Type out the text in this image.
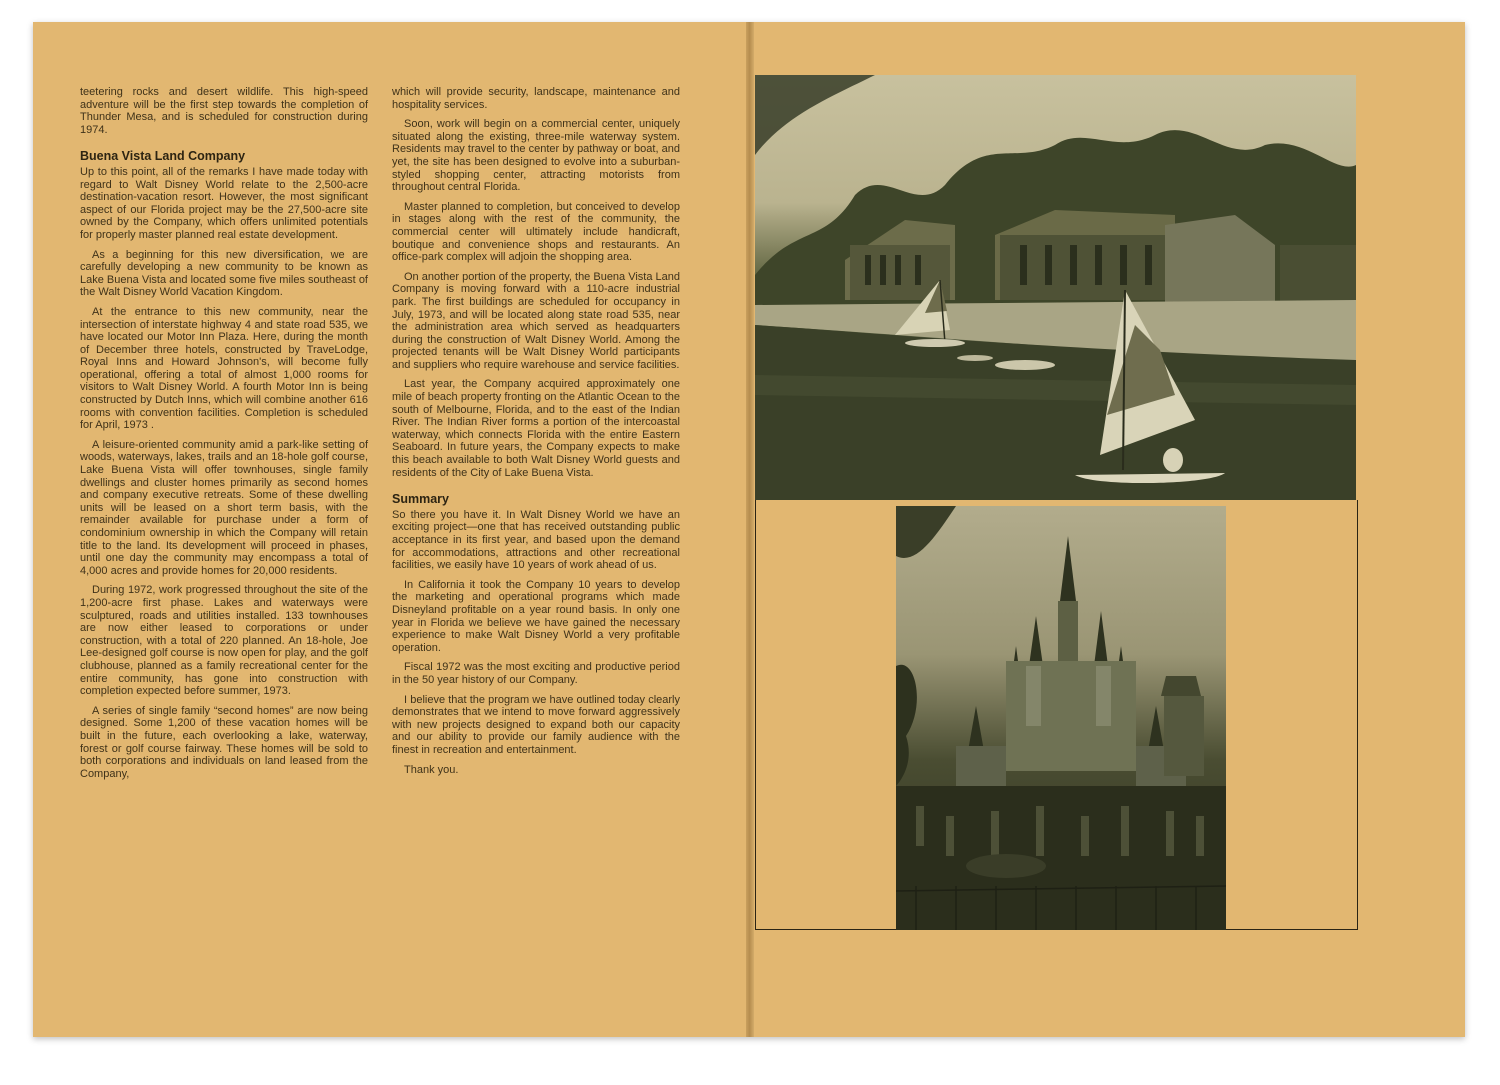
teetering rocks and desert wildlife. This high-speed adventure will be the first step towards the completion of Thunder Mesa, and is scheduled for construction during 1974.

Buena Vista Land Company

Up to this point, all of the remarks I have made today with regard to Walt Disney World relate to the 2,500-acre destination-vacation resort. However, the most significant aspect of our Florida project may be the 27,500-acre site owned by the Company, which offers unlimited potentials for properly master planned real estate development.

As a beginning for this new diversification, we are carefully developing a new community to be known as Lake Buena Vista and located some five miles southeast of the Walt Disney World Vacation Kingdom.

At the entrance to this new community, near the intersection of interstate highway 4 and state road 535, we have located our Motor Inn Plaza. Here, during the month of December three hotels, constructed by TraveLodge, Royal Inns and Howard Johnson's, will become fully operational, offering a total of almost 1,000 rooms for visitors to Walt Disney World. A fourth Motor Inn is being constructed by Dutch Inns, which will combine another 616 rooms with convention facilities. Completion is scheduled for April, 1973 .

A leisure-oriented community amid a park-like setting of woods, waterways, lakes, trails and an 18-hole golf course, Lake Buena Vista will offer townhouses, single family dwellings and cluster homes primarily as second homes and company executive retreats. Some of these dwelling units will be leased on a short term basis, with the remainder available for purchase under a form of condominium ownership in which the Company will retain title to the land. Its development will proceed in phases, until one day the community may encompass a total of 4,000 acres and provide homes for 20,000 residents.

During 1972, work progressed throughout the site of the 1,200-acre first phase. Lakes and waterways were sculptured, roads and utilities installed. 133 townhouses are now either leased to corporations or under construction, with a total of 220 planned. An 18-hole, Joe Lee-designed golf course is now open for play, and the golf clubhouse, planned as a family recreational center for the entire community, has gone into construction with completion expected before summer, 1973.

A series of single family “second homes” are now being designed. Some 1,200 of these vacation homes will be built in the future, each overlooking a lake, waterway, forest or golf course fairway. These homes will be sold to both corporations and individuals on land leased from the Company,

which will provide security, landscape, maintenance and hospitality services.

Soon, work will begin on a commercial center, uniquely situated along the existing, three-mile waterway system. Residents may travel to the center by pathway or boat, and yet, the site has been designed to evolve into a suburban-styled shopping center, attracting motorists from throughout central Florida.

Master planned to completion, but conceived to develop in stages along with the rest of the community, the commercial center will ultimately include handicraft, boutique and convenience shops and restaurants. An office-park complex will adjoin the shopping area.

On another portion of the property, the Buena Vista Land Company is moving forward with a 110-acre industrial park. The first buildings are scheduled for occupancy in July, 1973, and will be located along state road 535, near the administration area which served as headquarters during the construction of Walt Disney World. Among the projected tenants will be Walt Disney World participants and suppliers who require warehouse and service facilities.

Last year, the Company acquired approximately one mile of beach property fronting on the Atlantic Ocean to the south of Melbourne, Florida, and to the east of the Indian River. The Indian River forms a portion of the intercoastal waterway, which connects Florida with the entire Eastern Seaboard. In future years, the Company expects to make this beach available to both Walt Disney World guests and residents of the City of Lake Buena Vista.

Summary

So there you have it. In Walt Disney World we have an exciting project—one that has received outstanding public acceptance in its first year, and based upon the demand for accommodations, attractions and other recreational facilities, we easily have 10 years of work ahead of us.

In California it took the Company 10 years to develop the marketing and operational programs which made Disneyland profitable on a year round basis. In only one year in Florida we believe we have gained the necessary experience to make Walt Disney World a very profitable operation.

Fiscal 1972 was the most exciting and productive period in the 50 year history of our Company.

I believe that the program we have outlined today clearly demonstrates that we intend to move forward aggressively with new projects designed to expand both our capacity and our ability to provide our family audience with the finest in recreation and entertainment.

Thank you.
